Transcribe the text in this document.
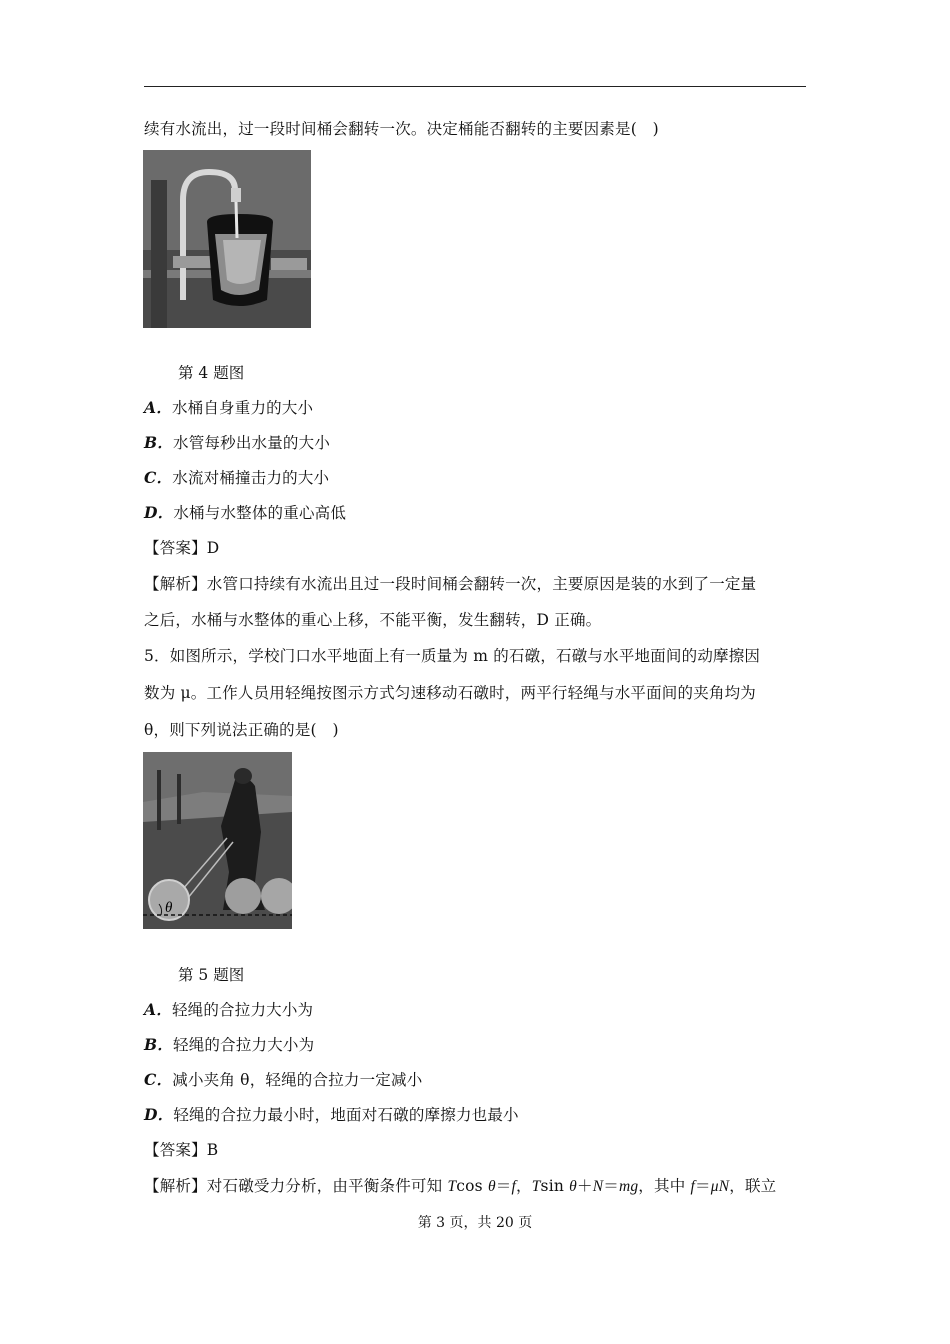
续有水流出，过一段时间桶会翻转一次。决定桶能否翻转的主要因素是(　)
第 4 题图
A．水桶自身重力的大小
B．水管每秒出水量的大小
C．水流对桶撞击力的大小
D．水桶与水整体的重心高低
【答案】D
【解析】水管口持续有水流出且过一段时间桶会翻转一次，主要原因是装的水到了一定量
之后，水桶与水整体的重心上移，不能平衡，发生翻转，D 正确。
5．如图所示，学校门口水平地面上有一质量为 m 的石礅，石礅与水平地面间的动摩擦因
数为 μ。工作人员用轻绳按图示方式匀速移动石礅时，两平行轻绳与水平面间的夹角均为
θ，则下列说法正确的是(　)
θ
第 5 题图
A．轻绳的合拉力大小为
B．轻绳的合拉力大小为
C．减小夹角 θ，轻绳的合拉力一定减小
D．轻绳的合拉力最小时，地面对石礅的摩擦力也最小
【答案】B
【解析】对石礅受力分析，由平衡条件可知 Tcos θ＝f，Tsin θ＋N＝mg，其中 f＝μN，联立
第 3 页，共 20 页
